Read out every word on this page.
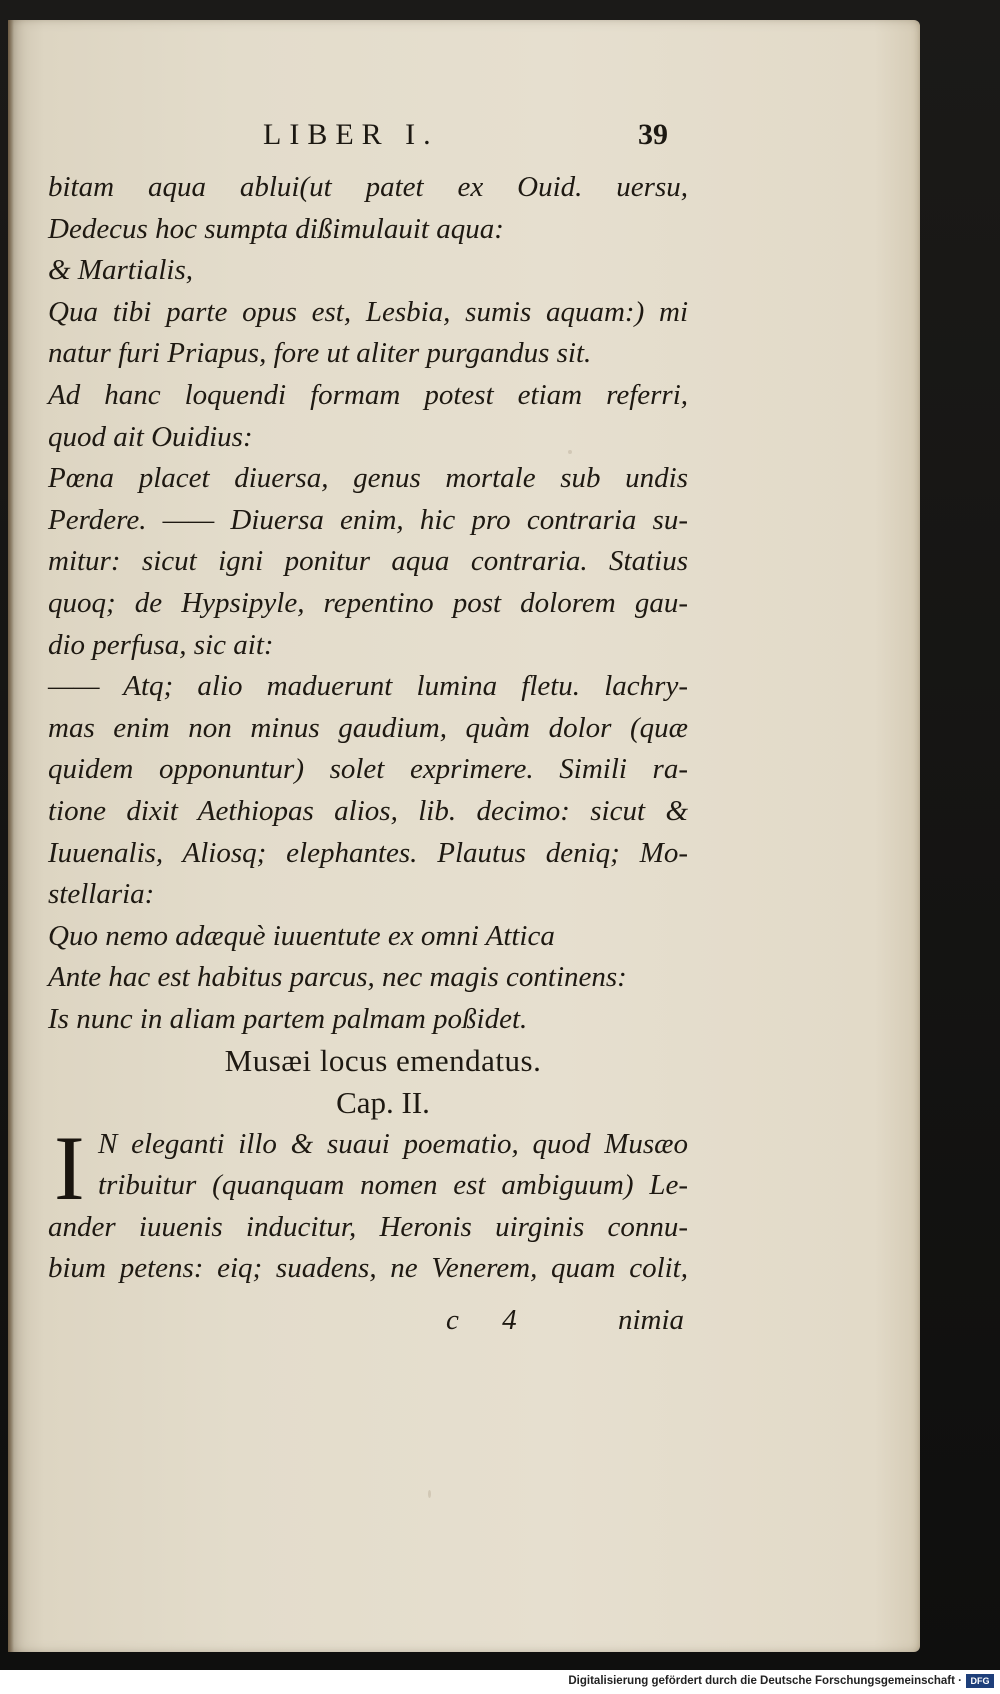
LIBER I.	39
bitam aqua ablui(ut patet ex Ouid. uersu,
Dedecus hoc sumpta dißimulauit aqua:
& Martialis,
Qua tibi parte opus est, Lesbia, sumis aquam:) mi
natur furi Priapus, fore ut aliter purgandus sit.
Ad hanc loquendi formam potest etiam referri,
quod ait Ouidius:
Pœna placet diuersa, genus mortale sub undis
Perdere. —— Diuersa enim, hic pro contraria su-
mitur: sicut igni ponitur aqua contraria. Statius
quoq; de Hypsipyle, repentino post dolorem gau-
dio perfusa, sic ait:
—— Atq; alio maduerunt lumina fletu. lachry-
mas enim non minus gaudium, quàm dolor (quæ
quidem opponuntur) solet exprimere. Simili ra-
tione dixit Aethiopas alios, lib. decimo: sicut &
Iuuenalis, Aliosq; elephantes. Plautus deniq; Mo-
stellaria:
Quo nemo adæquè iuuentute ex omni Attica
Ante hac est habitus parcus, nec magis continens:
Is nunc in aliam partem palmam poßidet.
Musæi locus emendatus.
Cap. II.
I N eleganti illo & suaui poematio, quod Musæo
tribuitur (quanquam nomen est ambiguum) Le-
ander iuuenis inducitur, Heronis uirginis connu-
bium petens: eiq; suadens, ne Venerem, quam colit,
c 4	nimia
Digitalisierung gefördert durch die Deutsche Forschungsgemeinschaft · DFG
